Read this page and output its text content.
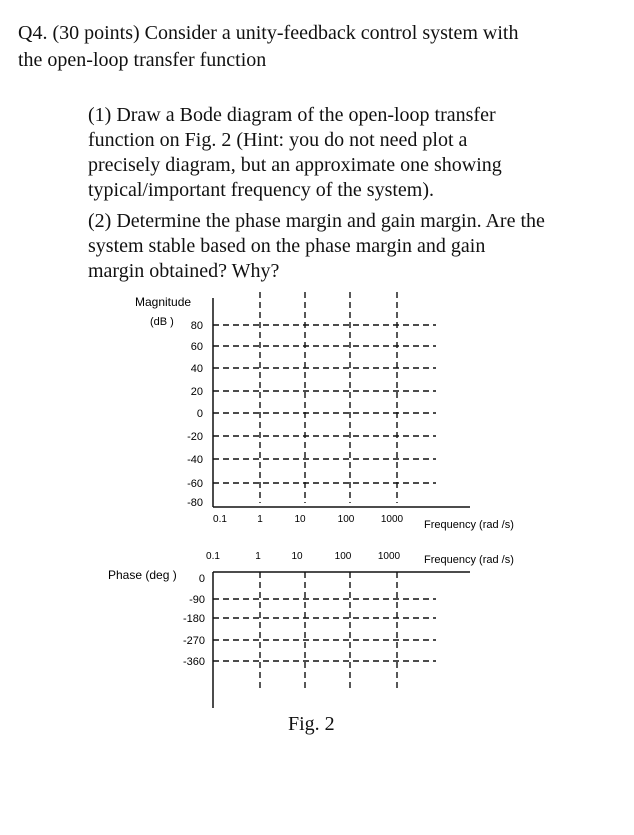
Q4. (30 points) Consider a unity-feedback control system with
the open-loop transfer function
(1) Draw a Bode diagram of the open-loop transfer
function on Fig. 2 (Hint: you do not need plot a
precisely diagram, but an approximate one showing
typical/important frequency of the system).
(2) Determine the phase margin and gain margin. Are the
system stable based on the phase margin and gain
margin obtained? Why?
Magnitude
(dB ) 80
60
40
20
0
-20
-40
-60
-80
0.1	1	10	100	1000 Frequency (rad /s)
0.1	1	10	100	1000 Frequency (rad /s)
Phase (deg ) 0
-90
-180
-270
-360
Fig. 2
